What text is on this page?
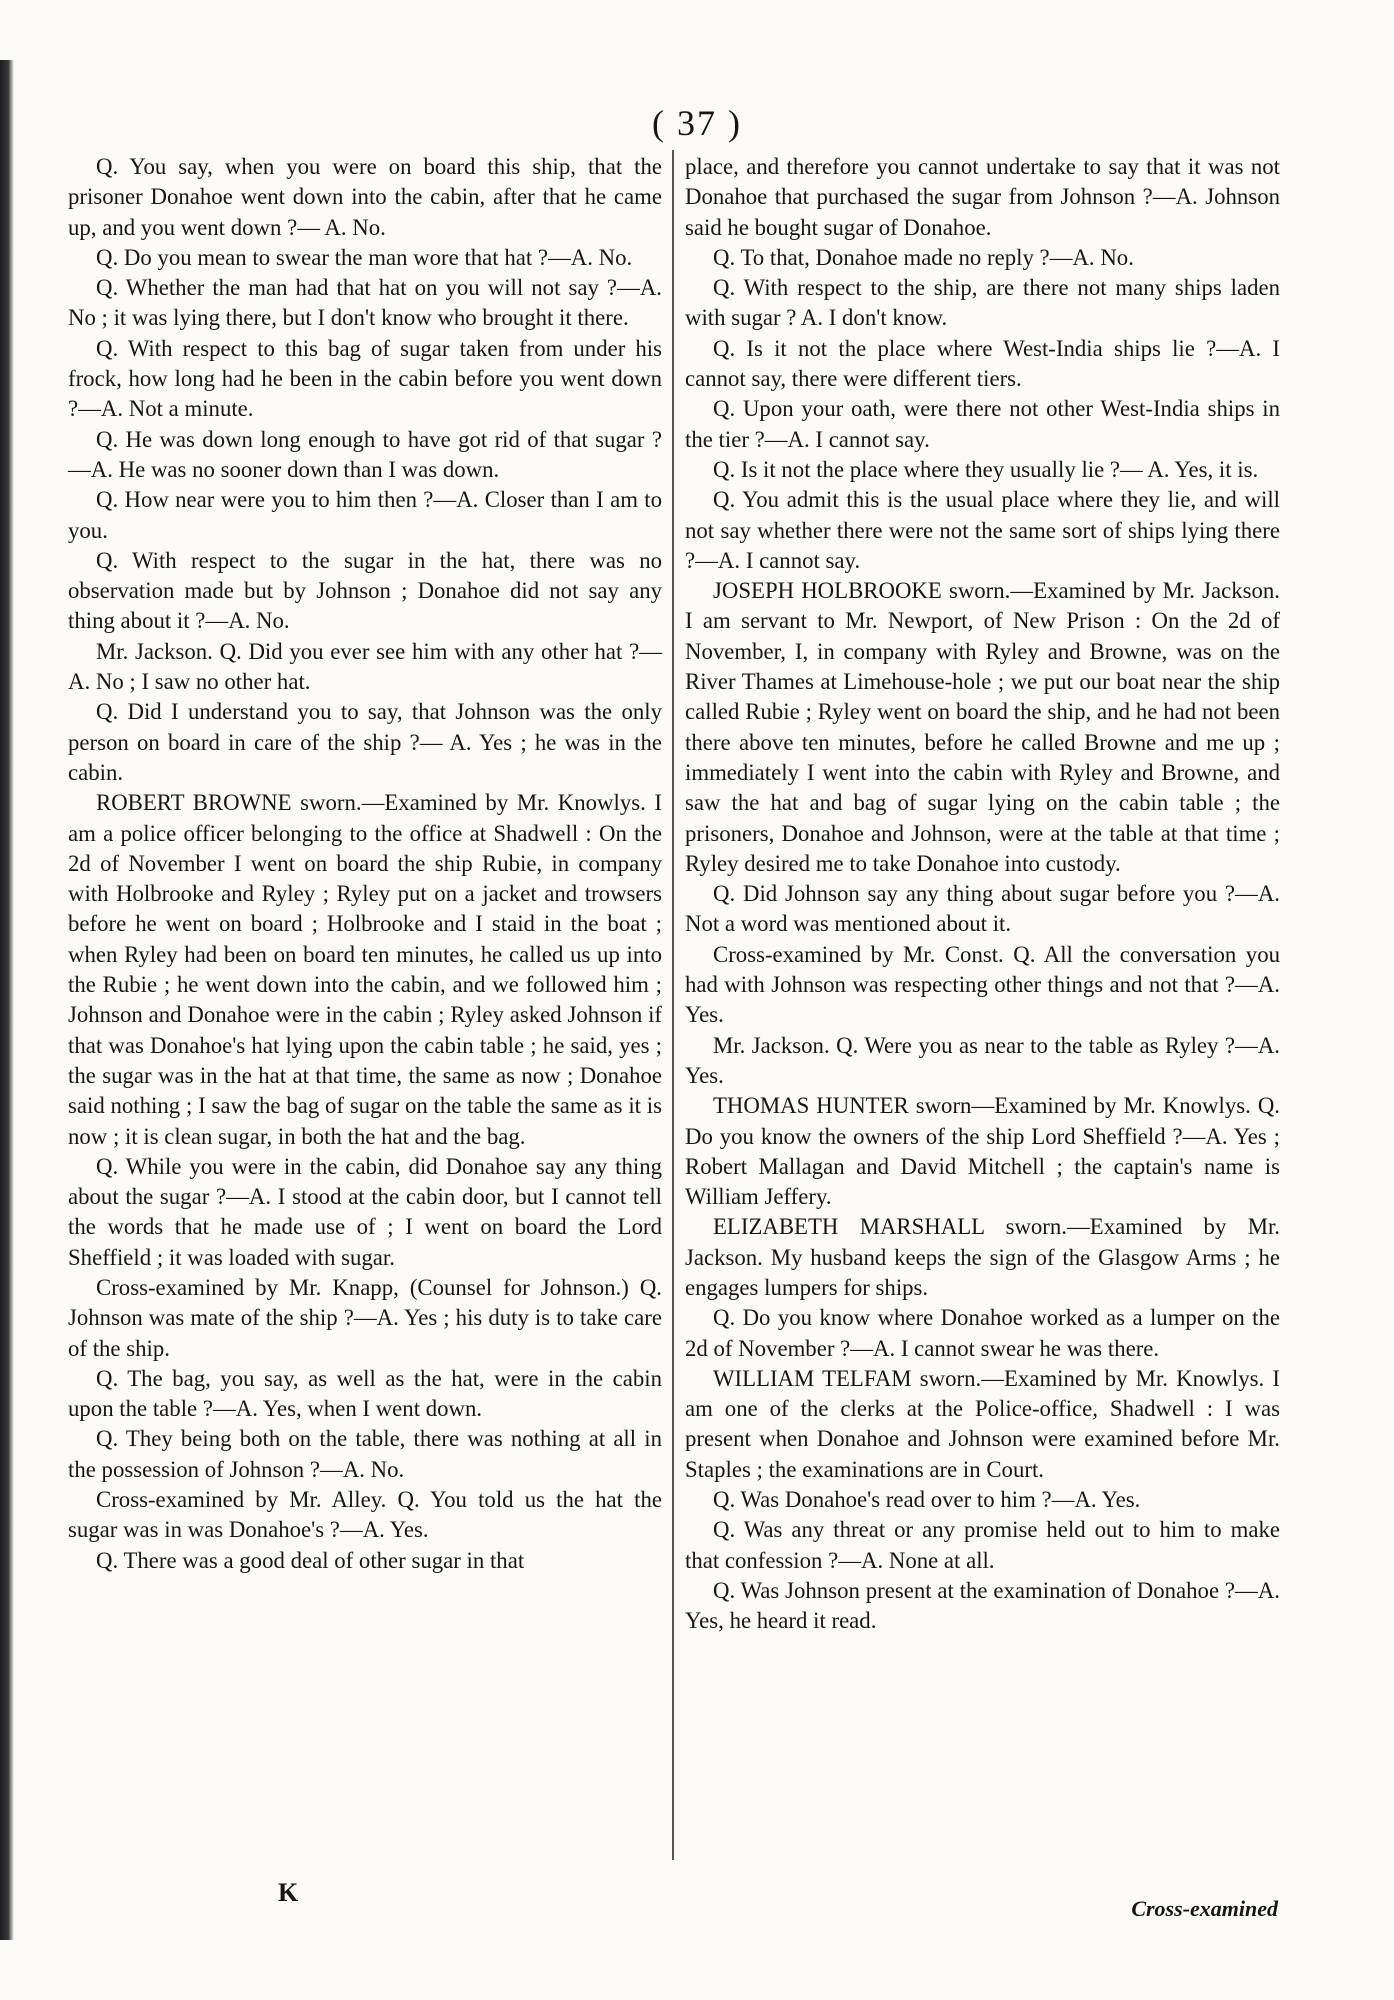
( 37 )

Q. You say, when you were on board this ship, that the prisoner Donahoe went down into the cabin, after that he came up, and you went down ?— A. No.

Q. Do you mean to swear the man wore that hat ?—A. No.

Q. Whether the man had that hat on you will not say ?—A. No ; it was lying there, but I don't know who brought it there.

Q. With respect to this bag of sugar taken from under his frock, how long had he been in the cabin before you went down ?—A. Not a minute.

Q. He was down long enough to have got rid of that sugar ?—A. He was no sooner down than I was down.

Q. How near were you to him then ?—A. Closer than I am to you.

Q. With respect to the sugar in the hat, there was no observation made but by Johnson ; Donahoe did not say any thing about it ?—A. No.

Mr. Jackson. Q. Did you ever see him with any other hat ?—A. No ; I saw no other hat.

Q. Did I understand you to say, that Johnson was the only person on board in care of the ship ?— A. Yes ; he was in the cabin.

ROBERT BROWNE sworn.—Examined by Mr. Knowlys. I am a police officer belonging to the office at Shadwell : On the 2d of November I went on board the ship Rubie, in company with Holbrooke and Ryley ; Ryley put on a jacket and trowsers before he went on board ; Holbrooke and I staid in the boat ; when Ryley had been on board ten minutes, he called us up into the Rubie ; he went down into the cabin, and we followed him ; Johnson and Donahoe were in the cabin ; Ryley asked Johnson if that was Donahoe's hat lying upon the cabin table ; he said, yes ; the sugar was in the hat at that time, the same as now ; Donahoe said nothing ; I saw the bag of sugar on the table the same as it is now ; it is clean sugar, in both the hat and the bag.

Q. While you were in the cabin, did Donahoe say any thing about the sugar ?—A. I stood at the cabin door, but I cannot tell the words that he made use of ; I went on board the Lord Sheffield ; it was loaded with sugar.

Cross-examined by Mr. Knapp, (Counsel for Johnson.) Q. Johnson was mate of the ship ?—A. Yes ; his duty is to take care of the ship.

Q. The bag, you say, as well as the hat, were in the cabin upon the table ?—A. Yes, when I went down.

Q. They being both on the table, there was nothing at all in the possession of Johnson ?—A. No.

Cross-examined by Mr. Alley. Q. You told us the hat the sugar was in was Donahoe's ?—A. Yes.

Q. There was a good deal of other sugar in that

place, and therefore you cannot undertake to say that it was not Donahoe that purchased the sugar from Johnson ?—A. Johnson said he bought sugar of Donahoe.

Q. To that, Donahoe made no reply ?—A. No.

Q. With respect to the ship, are there not many ships laden with sugar ? A. I don't know.

Q. Is it not the place where West-India ships lie ?—A. I cannot say, there were different tiers.

Q. Upon your oath, were there not other West-India ships in the tier ?—A. I cannot say.

Q. Is it not the place where they usually lie ?— A. Yes, it is.

Q. You admit this is the usual place where they lie, and will not say whether there were not the same sort of ships lying there ?—A. I cannot say.

JOSEPH HOLBROOKE sworn.—Examined by Mr. Jackson. I am servant to Mr. Newport, of New Prison : On the 2d of November, I, in company with Ryley and Browne, was on the River Thames at Limehouse-hole ; we put our boat near the ship called Rubie ; Ryley went on board the ship, and he had not been there above ten minutes, before he called Browne and me up ; immediately I went into the cabin with Ryley and Browne, and saw the hat and bag of sugar lying on the cabin table ; the prisoners, Donahoe and Johnson, were at the table at that time ; Ryley desired me to take Donahoe into custody.

Q. Did Johnson say any thing about sugar before you ?—A. Not a word was mentioned about it.

Cross-examined by Mr. Const. Q. All the conversation you had with Johnson was respecting other things and not that ?—A. Yes.

Mr. Jackson. Q. Were you as near to the table as Ryley ?—A. Yes.

THOMAS HUNTER sworn—Examined by Mr. Knowlys. Q. Do you know the owners of the ship Lord Sheffield ?—A. Yes ; Robert Mallagan and David Mitchell ; the captain's name is William Jeffery.

ELIZABETH MARSHALL sworn.—Examined by Mr. Jackson. My husband keeps the sign of the Glasgow Arms ; he engages lumpers for ships.

Q. Do you know where Donahoe worked as a lumper on the 2d of November ?—A. I cannot swear he was there.

WILLIAM TELFAM sworn.—Examined by Mr. Knowlys. I am one of the clerks at the Police-office, Shadwell : I was present when Donahoe and Johnson were examined before Mr. Staples ; the examinations are in Court.

Q. Was Donahoe's read over to him ?—A. Yes.

Q. Was any threat or any promise held out to him to make that confession ?—A. None at all.

Q. Was Johnson present at the examination of Donahoe ?—A. Yes, he heard it read.

K
Cross-examined
